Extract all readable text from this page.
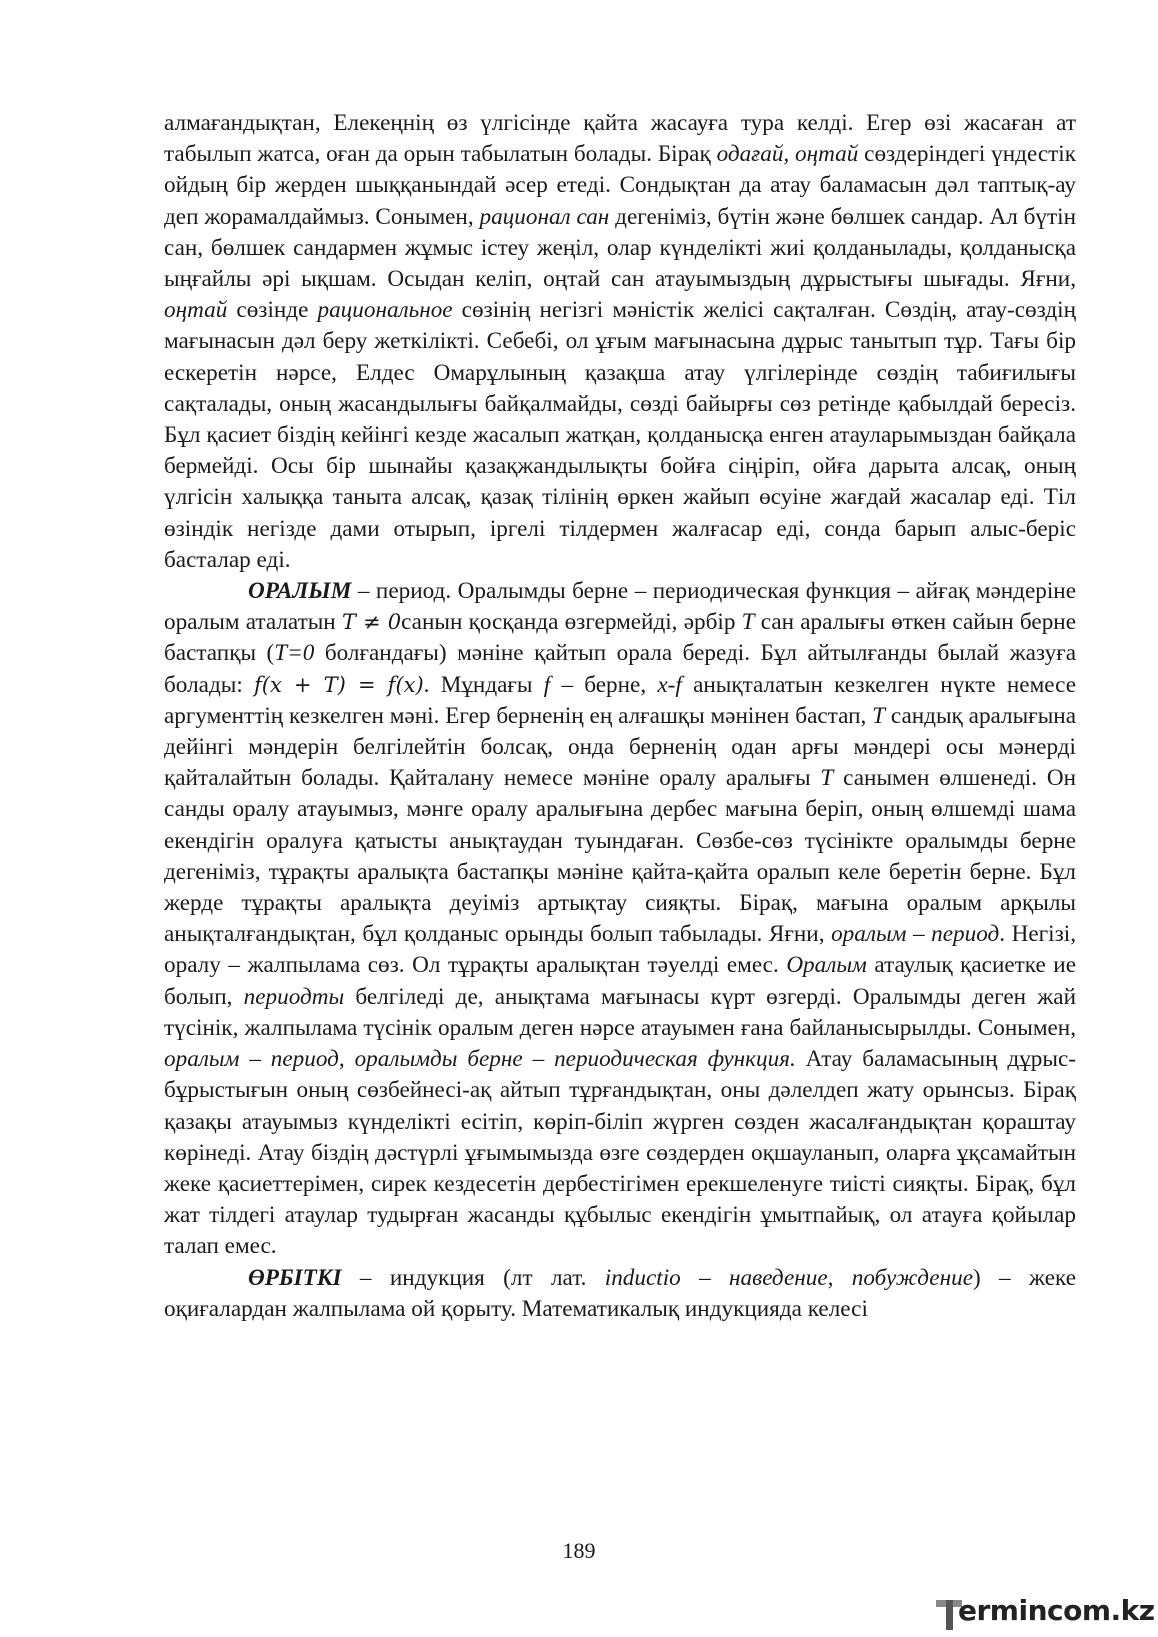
алмағандықтан, Елекеңнің өз үлгісінде қайта жасауға тура келді. Егер өзі жасаған ат табылып жатса, оған да орын табылатын болады. Бірақ одағай, оңтай сөздеріндегі үндестік ойдың бір жерден шыққанындай әсер етеді. Сондықтан да атау баламасын дәл таптық-ау деп жорамалдаймыз. Сонымен, рационал сан дегеніміз, бүтін және бөлшек сандар. Ал бүтін сан, бөлшек сандармен жұмыс істеу жеңіл, олар күнделікті жиі қолданылады, қолданысқа ыңғайлы әрі ықшам. Осыдан келіп, оңтай сан атауымыздың дұрыстығы шығады. Яғни, оңтай сөзінде рациональное сөзінің негізгі мәністік желісі сақталған. Сөздің, атау-сөздің мағынасын дәл беру жеткілікті. Себебі, ол ұғым мағынасына дұрыс танытып тұр. Тағы бір ескеретін нәрсе, Елдес Омарұлының қазақша атау үлгілерінде сөздің табиғилығы сақталады, оның жасандылығы байқалмайды, сөзді байырғы сөз ретінде қабылдай бересіз. Бұл қасиет біздің кейінгі кезде жасалып жатқан, қолданысқа енген атауларымыздан байқала бермейді. Осы бір шынайы қазақжандылықты бойға сіңіріп, ойға дарыта алсақ, оның үлгісін халыққа таныта алсақ, қазақ тілінің өркен жайып өсуіне жағдай жасалар еді. Тіл өзіндік негізде дами отырып, іргелі тілдермен жалғасар еді, сонда барып алыс-беріс басталар еді.

ОРАЛЫМ – период. Оралымды берне – периодическая функция – айғақ мәндеріне оралым аталатын T ≠ 0санын қосқанда өзгермейді, әрбір T сан аралығы өткен сайын берне бастапқы (T=0 болғандағы) мәніне қайтып орала береді. Бұл айтылғанды былай жазуға болады: f(x + T) = f(x). Мұндағы f – берне, x-f анықталатын кезкелген нүкте немесе аргументтің кезкелген мәні. Егер берненің ең алғашқы мәнінен бастап, T сандық аралығына дейінгі мәндерін белгілейтін болсақ, онда берненің одан арғы мәндері осы мәнерді қайталайтын болады. Қайталану немесе мәніне оралу аралығы T санымен өлшенеді. Он санды оралу атауымыз, мәнге оралу аралығына дербес мағына беріп, оның өлшемді шама екендігін оралуға қатысты анықтаудан туындаған. Сөзбе-сөз түсінікте оралымды берне дегеніміз, тұрақты аралықта бастапқы мәніне қайта-қайта оралып келе беретін берне. Бұл жерде тұрақты аралықта деуіміз артықтау сияқты. Бірақ, мағына оралым арқылы анықталғандықтан, бұл қолданыс орынды болып табылады. Яғни, оралым – период. Негізі, оралу – жалпылама сөз. Ол тұрақты аралықтан тәуелді емес. Оралым атаулық қасиетке ие болып, периодты белгіледі де, анықтама мағынасы күрт өзгерді. Оралымды деген жай түсінік, жалпылама түсінік оралым деген нәрсе атауымен ғана байланысырылды. Сонымен, оралым – период, оралымды берне – периодическая функция. Атау баламасының дұрыс-бұрыстығын оның сөзбейнесі-ақ айтып тұрғандықтан, оны дәлелдеп жату орынсыз. Бірақ қазақы атауымыз күнделікті есітіп, көріп-біліп жүрген сөзден жасалғандықтан қораштау көрінеді. Атау біздің дәстүрлі ұғымымызда өзге сөздерден оқшауланып, оларға ұқсамайтын жеке қасиеттерімен, сирек кездесетін дербестігімен ерекшеленуге тиісті сияқты. Бірақ, бұл жат тілдегі атаулар тудырған жасанды құбылыс екендігін ұмытпайық, ол атауға қойылар талап емес.

ӨРБІТКІ – индукция (лт лат. inductio – наведение, побуждение) – жеке оқиғалардан жалпылама ой қорыту. Математикалық индукцияда келесі

189
ermincom.kz
